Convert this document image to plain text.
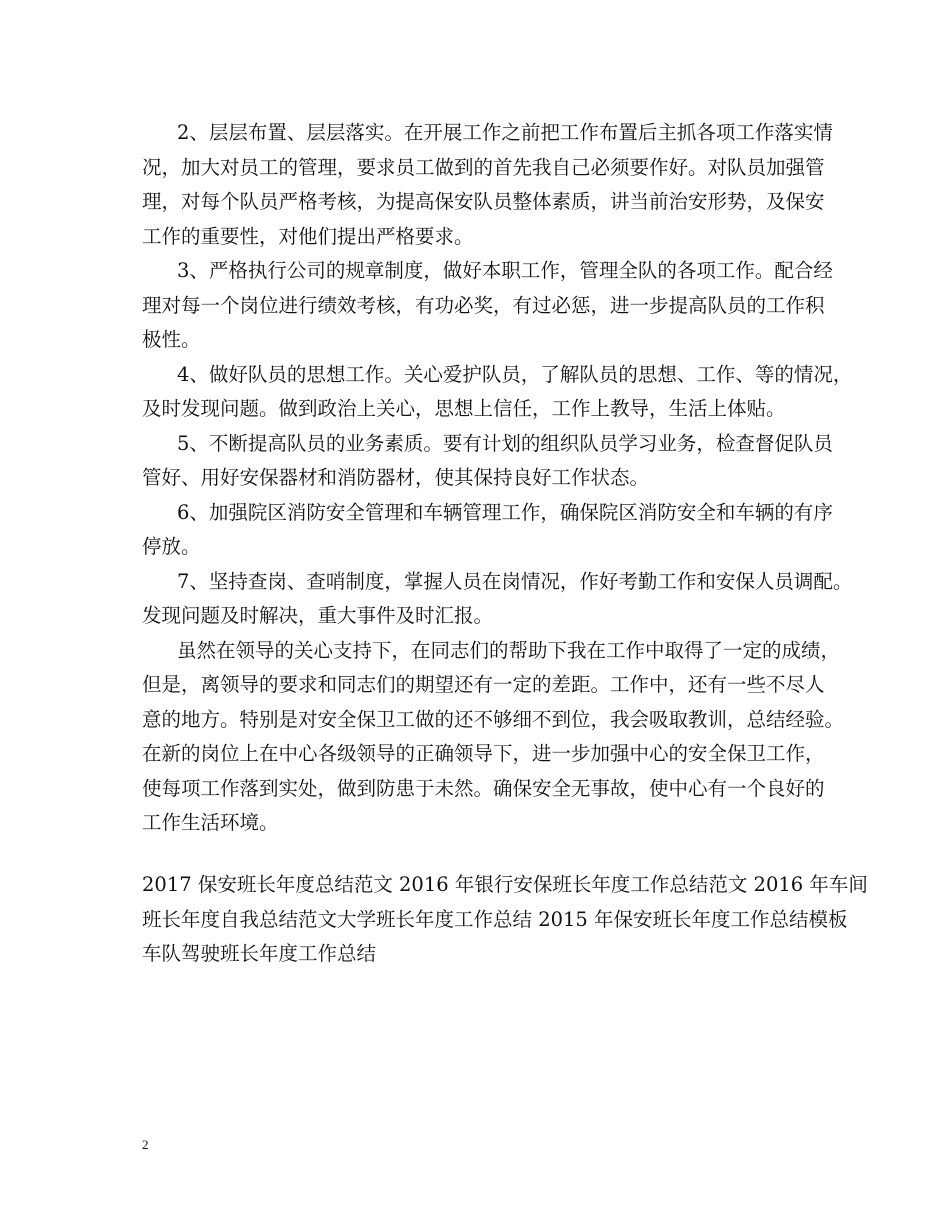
2、层层布置、层层落实。在开展工作之前把工作布置后主抓各项工作落实情
况，加大对员工的管理，要求员工做到的首先我自己必须要作好。对队员加强管
理，对每个队员严格考核，为提高保安队员整体素质，讲当前治安形势，及保安
工作的重要性，对他们提出严格要求。
3、严格执行公司的规章制度，做好本职工作，管理全队的各项工作。配合经
理对每一个岗位进行绩效考核，有功必奖，有过必惩，进一步提高队员的工作积
极性。
4、做好队员的思想工作。关心爱护队员，了解队员的思想、工作、等的情况，
及时发现问题。做到政治上关心，思想上信任，工作上教导，生活上体贴。
5、不断提高队员的业务素质。要有计划的组织队员学习业务，检查督促队员
管好、用好安保器材和消防器材，使其保持良好工作状态。
6、加强院区消防安全管理和车辆管理工作，确保院区消防安全和车辆的有序
停放。
7、坚持查岗、查哨制度，掌握人员在岗情况，作好考勤工作和安保人员调配。
发现问题及时解决，重大事件及时汇报。
虽然在领导的关心支持下，在同志们的帮助下我在工作中取得了一定的成绩，
但是，离领导的要求和同志们的期望还有一定的差距。工作中，还有一些不尽人
意的地方。特别是对安全保卫工做的还不够细不到位，我会吸取教训，总结经验。
在新的岗位上在中心各级领导的正确领导下，进一步加强中心的安全保卫工作，
使每项工作落到实处，做到防患于未然。确保安全无事故，使中心有一个良好的
工作生活环境。
2017 保安班长年度总结范文 2016 年银行安保班长年度工作总结范文 2016 年车间
班长年度自我总结范文大学班长年度工作总结 2015 年保安班长年度工作总结模板
车队驾驶班长年度工作总结
2
